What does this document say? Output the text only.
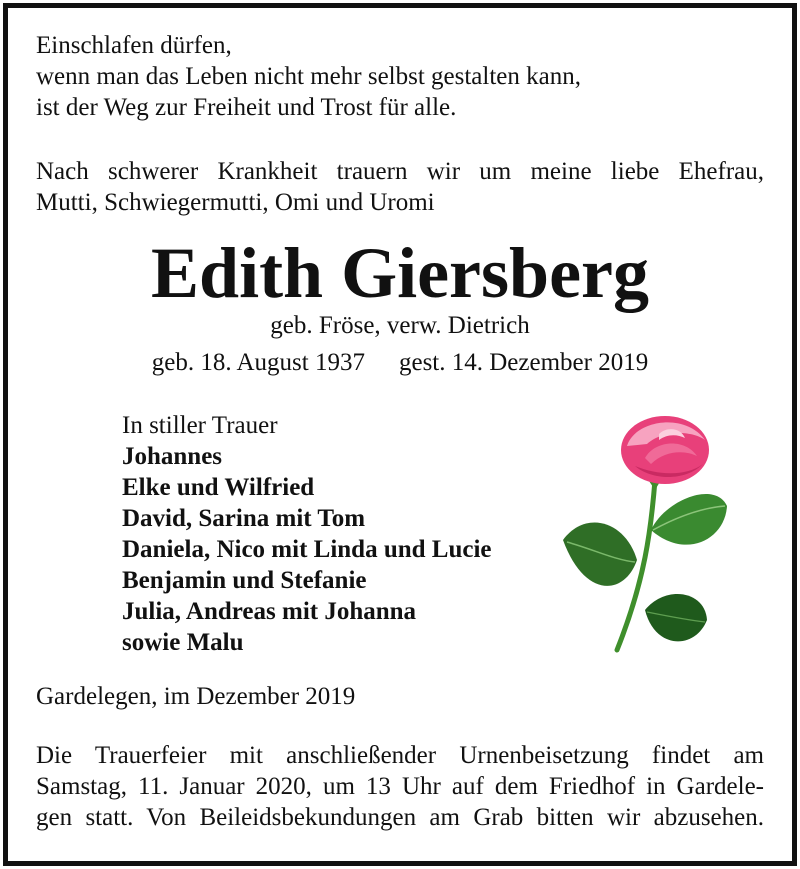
Einschlafen dürfen,
wenn man das Leben nicht mehr selbst gestalten kann,
ist der Weg zur Freiheit und Trost für alle.
Nach schwerer Krankheit trauern wir um meine liebe Ehefrau,
Mutti, Schwiegermutti, Omi und Uromi
Edith Giersberg
geb. Fröse, verw. Dietrich
geb. 18. August 1937 gest. 14. Dezember 2019
In stiller Trauer
Johannes
Elke und Wilfried
David, Sarina mit Tom
Daniela, Nico mit Linda und Lucie
Benjamin und Stefanie
Julia, Andreas mit Johanna
sowie Malu
Gardelegen, im Dezember 2019
Die Trauerfeier mit anschließender Urnenbeisetzung findet am
Samstag, 11. Januar 2020, um 13 Uhr auf dem Friedhof in Gardele-
gen statt. Von Beileidsbekundungen am Grab bitten wir abzusehen.
